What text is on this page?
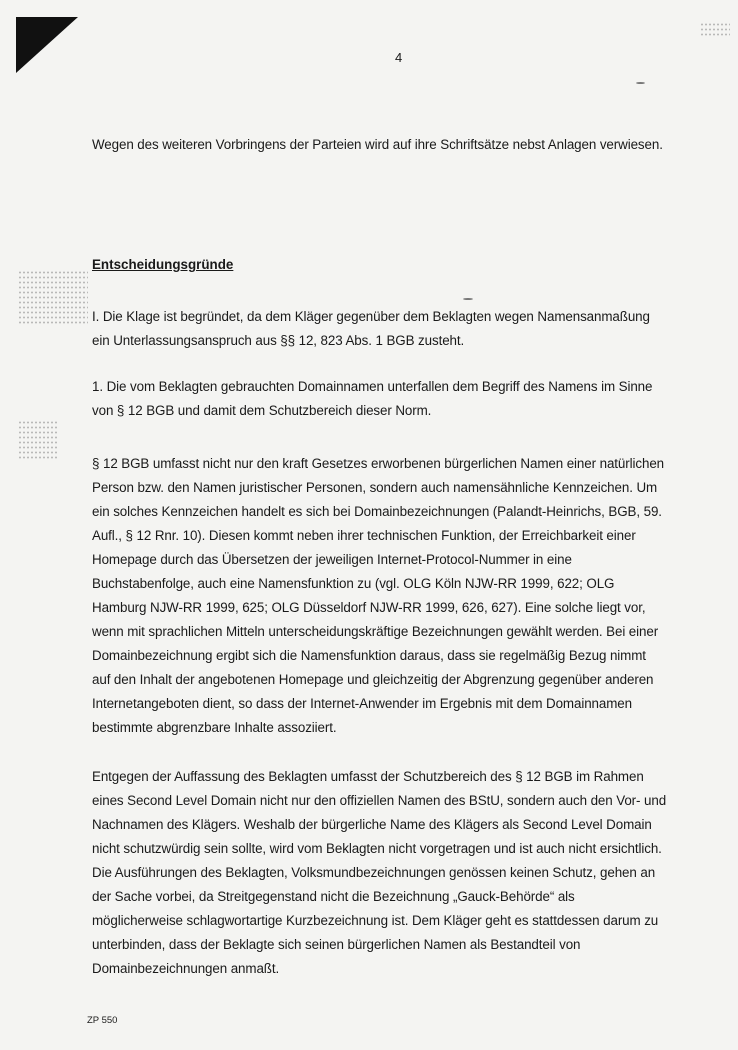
4

Wegen des weiteren Vorbringens der Parteien wird auf ihre Schriftsätze nebst Anlagen verwiesen.

Entscheidungsgründe

I. Die Klage ist begründet, da dem Kläger gegenüber dem Beklagten wegen Namensanmaßung
ein Unterlassungsanspruch aus §§ 12, 823 Abs. 1 BGB zusteht.

1. Die vom Beklagten gebrauchten Domainnamen unterfallen dem Begriff des Namens im Sinne
von § 12 BGB und damit dem Schutzbereich dieser Norm.

§ 12 BGB umfasst nicht nur den kraft Gesetzes erworbenen bürgerlichen Namen einer natürlichen
Person bzw. den Namen juristischer Personen, sondern auch namensähnliche Kennzeichen. Um
ein solches Kennzeichen handelt es sich bei Domainbezeichnungen (Palandt-Heinrichs, BGB, 59.
Aufl., § 12 Rnr. 10). Diesen kommt neben ihrer technischen Funktion, der Erreichbarkeit einer
Homepage durch das Übersetzen der jeweiligen Internet-Protocol-Nummer in eine
Buchstabenfolge, auch eine Namensfunktion zu (vgl. OLG Köln NJW-RR 1999, 622; OLG
Hamburg NJW-RR 1999, 625; OLG Düsseldorf NJW-RR 1999, 626, 627). Eine solche liegt vor,
wenn mit sprachlichen Mitteln unterscheidungskräftige Bezeichnungen gewählt werden. Bei einer
Domainbezeichnung ergibt sich die Namensfunktion daraus, dass sie regelmäßig Bezug nimmt
auf den Inhalt der angebotenen Homepage und gleichzeitig der Abgrenzung gegenüber anderen
Internetangeboten dient, so dass der Internet-Anwender im Ergebnis mit dem Domainnamen
bestimmte abgrenzbare Inhalte assoziiert.

Entgegen der Auffassung des Beklagten umfasst der Schutzbereich des § 12 BGB im Rahmen
eines Second Level Domain nicht nur den offiziellen Namen des BStU, sondern auch den Vor- und
Nachnamen des Klägers. Weshalb der bürgerliche Name des Klägers als Second Level Domain
nicht schutzwürdig sein sollte, wird vom Beklagten nicht vorgetragen und ist auch nicht ersichtlich.
Die Ausführungen des Beklagten, Volksmundbezeichnungen genössen keinen Schutz, gehen an
der Sache vorbei, da Streitgegenstand nicht die Bezeichnung „Gauck-Behörde“ als
möglicherweise schlagwortartige Kurzbezeichnung ist. Dem Kläger geht es stattdessen darum zu
unterbinden, dass der Beklagte sich seinen bürgerlichen Namen als Bestandteil von
Domainbezeichnungen anmaßt.

ZP 550
